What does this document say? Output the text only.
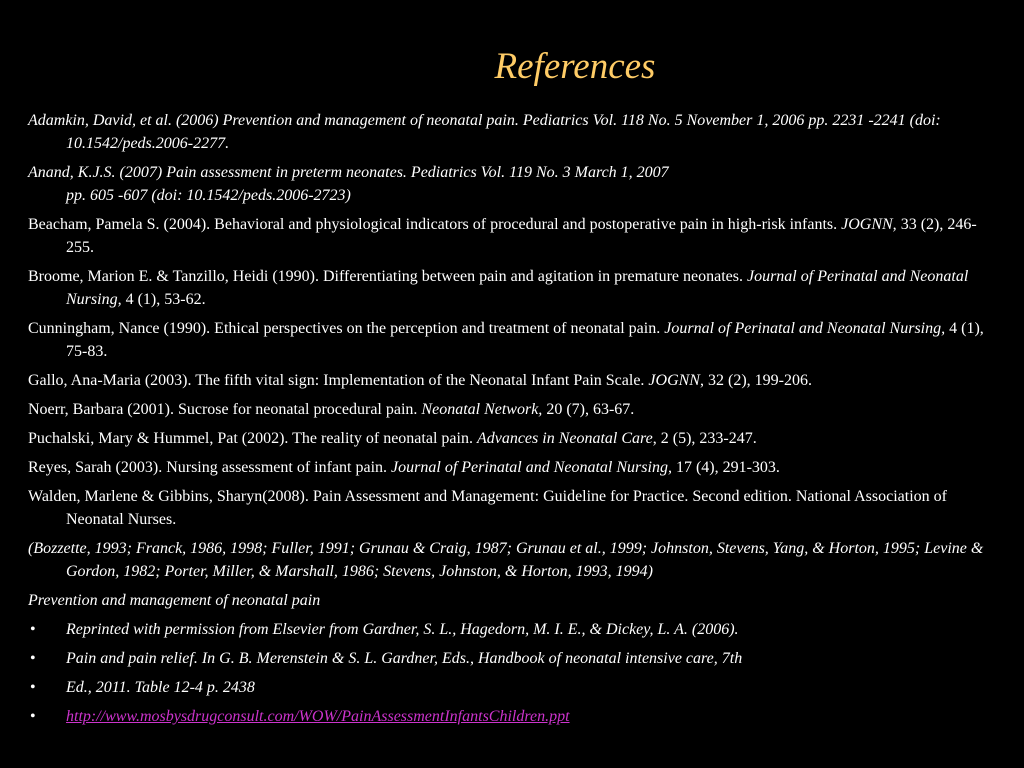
References

Adamkin, David, et al. (2006) Prevention and management of neonatal pain. Pediatrics Vol. 118 No. 5 November 1, 2006 pp. 2231 -2241 (doi: 10.1542/peds.2006-2277.

Anand, K.J.S. (2007) Pain assessment in preterm neonates. Pediatrics Vol. 119 No. 3 March 1, 2007
pp. 605 -607 (doi: 10.1542/peds.2006-2723)

Beacham, Pamela S. (2004). Behavioral and physiological indicators of procedural and postoperative pain in high-risk infants. JOGNN, 33 (2), 246-255.

Broome, Marion E. & Tanzillo, Heidi (1990). Differentiating between pain and agitation in premature neonates. Journal of Perinatal and Neonatal Nursing, 4 (1), 53-62.

Cunningham, Nance (1990). Ethical perspectives on the perception and treatment of neonatal pain. Journal of Perinatal and Neonatal Nursing, 4 (1), 75-83.

Gallo, Ana-Maria (2003). The fifth vital sign: Implementation of the Neonatal Infant Pain Scale. JOGNN, 32 (2), 199-206.

Noerr, Barbara (2001). Sucrose for neonatal procedural pain. Neonatal Network, 20 (7), 63-67.

Puchalski, Mary & Hummel, Pat (2002). The reality of neonatal pain. Advances in Neonatal Care, 2 (5), 233-247.

Reyes, Sarah (2003). Nursing assessment of infant pain. Journal of Perinatal and Neonatal Nursing, 17 (4), 291-303.

Walden, Marlene & Gibbins, Sharyn(2008). Pain Assessment and Management: Guideline for Practice. Second edition. National Association of Neonatal Nurses.

(Bozzette, 1993; Franck, 1986, 1998; Fuller, 1991; Grunau & Craig, 1987; Grunau et al., 1999; Johnston, Stevens, Yang, & Horton, 1995; Levine & Gordon, 1982; Porter, Miller, & Marshall, 1986; Stevens, Johnston, & Horton, 1993, 1994)

Prevention and management of neonatal pain

• Reprinted with permission from Elsevier from Gardner, S. L., Hagedorn, M. I. E., & Dickey, L. A. (2006).
• Pain and pain relief. In G. B. Merenstein & S. L. Gardner, Eds., Handbook of neonatal intensive care, 7th
• Ed., 2011. Table 12-4 p. 2438
• http://www.mosbysdrugconsult.com/WOW/PainAssessmentInfantsChildren.ppt
